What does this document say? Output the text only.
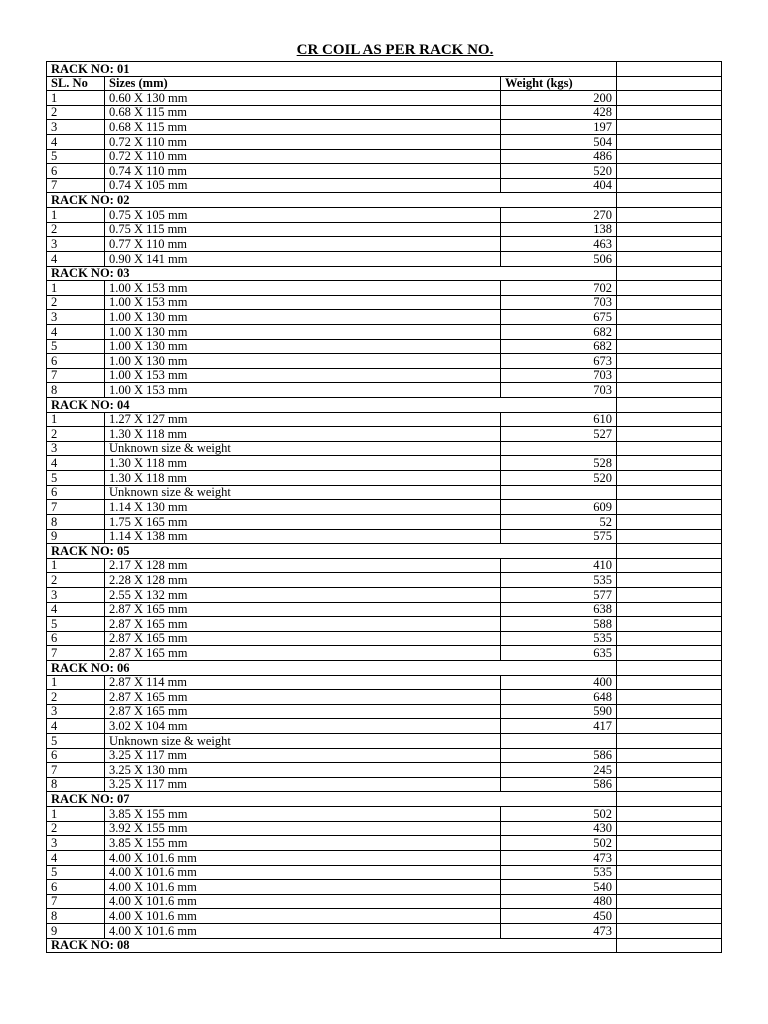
CR COIL AS PER RACK NO.
RACK NO: 01			
SL. No	Sizes (mm)	Weight (kgs)	
1	0.60 X 130 mm	200	
2	0.68 X 115 mm	428	
3	0.68 X 115 mm	197	
4	0.72 X 110 mm	504	
5	0.72 X 110 mm	486	
6	0.74 X 110 mm	520	
7	0.74 X 105 mm	404	
RACK NO: 02			
1	0.75 X 105 mm	270	
2	0.75 X 115 mm	138	
3	0.77 X 110 mm	463	
4	0.90 X 141 mm	506	
RACK NO: 03			
1	1.00 X 153 mm	702	
2	1.00 X 153 mm	703	
3	1.00 X 130 mm	675	
4	1.00 X 130 mm	682	
5	1.00 X 130 mm	682	
6	1.00 X 130 mm	673	
7	1.00 X 153 mm	703	
8	1.00 X 153 mm	703	
RACK NO: 04			
1	1.27 X 127 mm	610	
2	1.30 X 118 mm	527	
3	Unknown size & weight		
4	1.30 X 118 mm	528	
5	1.30 X 118 mm	520	
6	Unknown size & weight		
7	1.14 X 130 mm	609	
8	1.75 X 165 mm	52	
9	1.14 X 138 mm	575	
RACK NO: 05			
1	2.17 X 128 mm	410	
2	2.28 X 128 mm	535	
3	2.55 X 132 mm	577	
4	2.87 X 165 mm	638	
5	2.87 X 165 mm	588	
6	2.87 X 165 mm	535	
7	2.87 X 165 mm	635	
RACK NO: 06			
1	2.87 X 114 mm	400	
2	2.87 X 165 mm	648	
3	2.87 X 165 mm	590	
4	3.02 X 104 mm	417	
5	Unknown size & weight		
6	3.25 X 117 mm	586	
7	3.25 X 130 mm	245	
8	3.25 X 117 mm	586	
RACK NO: 07			
1	3.85 X 155 mm	502	
2	3.92 X 155 mm	430	
3	3.85 X 155 mm	502	
4	4.00 X 101.6 mm	473	
5	4.00 X 101.6 mm	535	
6	4.00 X 101.6 mm	540	
7	4.00 X 101.6 mm	480	
8	4.00 X 101.6 mm	450	
9	4.00 X 101.6 mm	473	
RACK NO: 08			
